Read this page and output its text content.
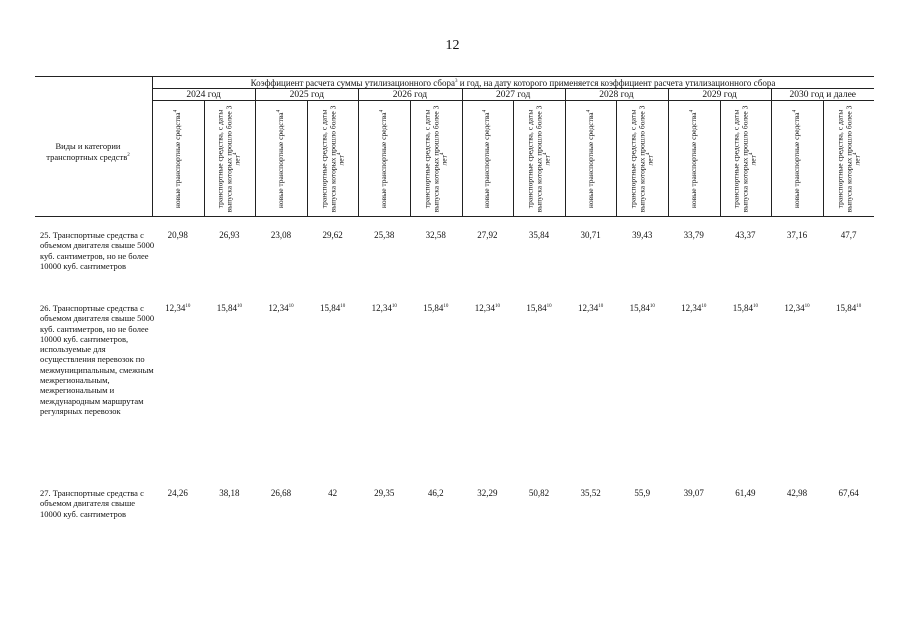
12
2024 год	2025 год	2026 год	2027 год	2028 год	2029 год	2030 год и далее
новые транспортные средства$^4$	транспортные средства, с даты выпуска которых прошло более 3 лет$^4$	новые транспортные средства$^4$	транспортные средства, с даты выпуска которых прошло более 3 лет$^4$	новые транспортные средства$^4$	транспортные средства, с даты выпуска которых прошло более 3 лет$^4$	новые транспортные средства$^4$	транспортные средства, с даты выпуска которых прошло более 3 лет$^4$	новые транспортные средства$^4$	транспортные средства, с даты выпуска которых прошло более 3 лет$^4$	новые транспортные средства$^4$	транспортные средства, с даты выпуска которых прошло более 3 лет$^4$	новые транспортные средства$^4$	транспортные средства, с даты выпуска которых прошло более 3 лет$^4$
25. Транспортные средства с объемом двигателя свыше 5000 куб. сантиметров, но не более 10000 куб. сантиметров
20,98	26,93	23,08	29,62	25,38	32,58	27,92	35,84	30,71	39,43	33,79	43,37	37,16	47,7
26. Транспортные средства с объемом двигателя свыше 5000 куб. сантиметров, но не более 10000 куб. сантиметров, используемые для осуществления перевозок по межмуниципальным, смежным межрегиональным, межрегиональным и международным маршрутам регулярных перевозок
12,34$^{10}$	15,84$^{10}$	12,34$^{10}$	15,84$^{10}$	12,34$^{10}$	15,84$^{10}$	12,34$^{10}$	15,84$^{10}$	12,34$^{10}$	15,84$^{10}$	12,34$^{10}$	15,84$^{10}$	12,34$^{10}$	15,84$^{10}$
27. Транспортные средства с объемом двигателя свыше 10000 куб. сантиметров
24,26	38,18	26,68	42	29,35	46,2	32,29	50,82	35,52	55,9	39,07	61,49	42,98	67,64
Коэффициент расчета суммы утилизационного сбора$^3$ и год, на дату которого применяется коэффициент расчета утилизационного сбора
Виды и категории транспортных средств$^2$
